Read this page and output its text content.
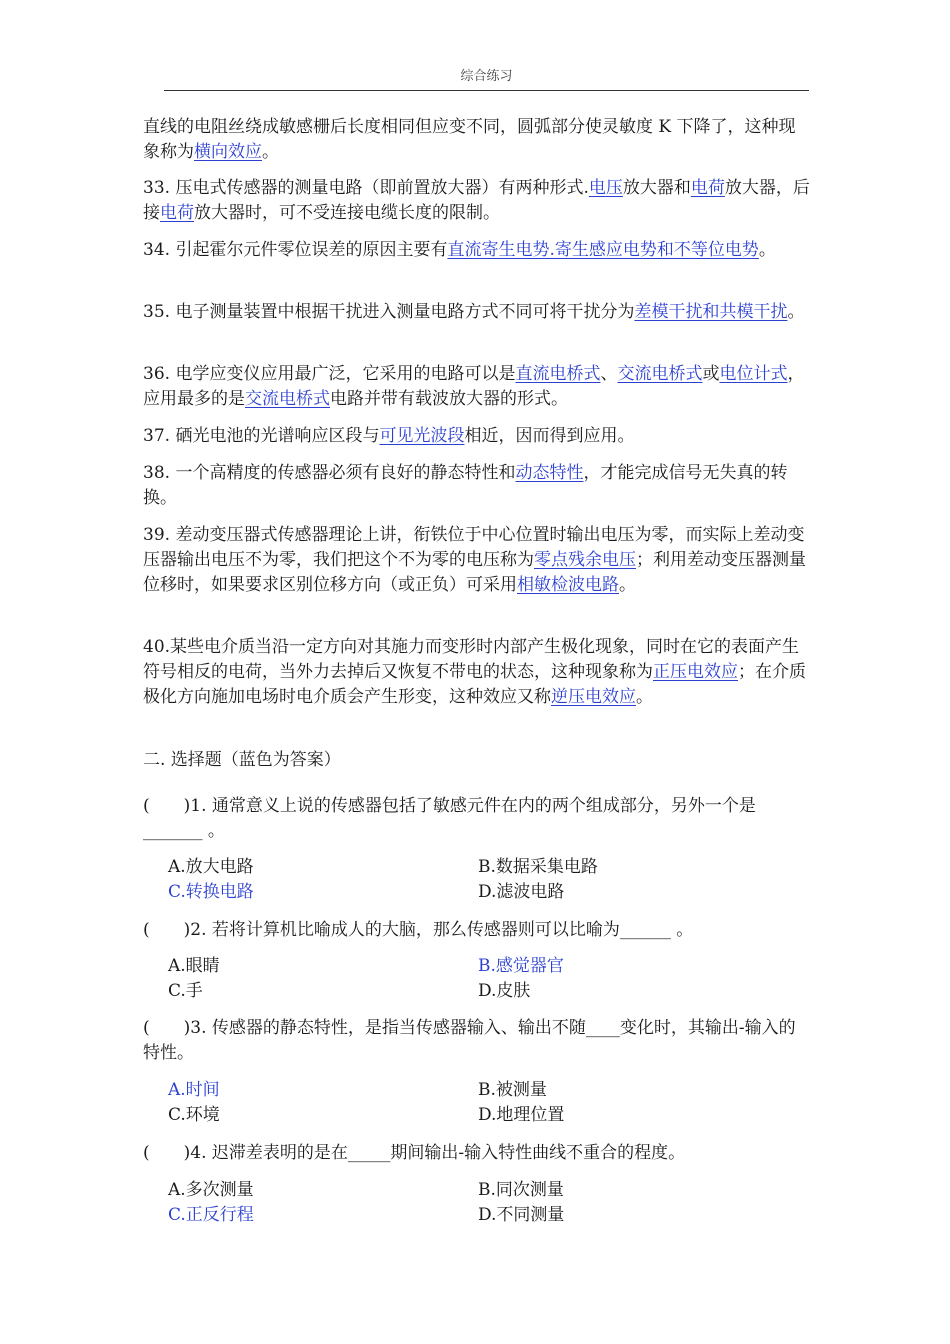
综合练习

直线的电阻丝绕成敏感栅后长度相同但应变不同，圆弧部分使灵敏度 K 下降了，这种现象称为横向效应。

33. 压电式传感器的测量电路（即前置放大器）有两种形式.电压放大器和电荷放大器，后接电荷放大器时，可不受连接电缆长度的限制。

34. 引起霍尔元件零位误差的原因主要有直流寄生电势.寄生感应电势和不等位电势。

35. 电子测量装置中根据干扰进入测量电路方式不同可将干扰分为差模干扰和共模干扰。

36. 电学应变仪应用最广泛，它采用的电路可以是直流电桥式、交流电桥式或电位计式，应用最多的是交流电桥式电路并带有载波放大器的形式。

37. 硒光电池的光谱响应区段与可见光波段相近，因而得到应用。

38. 一个高精度的传感器必须有良好的静态特性和动态特性，才能完成信号无失真的转换。

39. 差动变压器式传感器理论上讲，衔铁位于中心位置时输出电压为零，而实际上差动变压器输出电压不为零，我们把这个不为零的电压称为零点残余电压；利用差动变压器测量位移时，如果要求区别位移方向（或正负）可采用相敏检波电路。

40.某些电介质当沿一定方向对其施力而变形时内部产生极化现象，同时在它的表面产生符号相反的电荷，当外力去掉后又恢复不带电的状态，这种现象称为正压电效应；在介质极化方向施加电场时电介质会产生形变，这种效应又称逆压电效应。

二. 选择题（蓝色为答案）

(　　)1. 通常意义上说的传感器包括了敏感元件在内的两个组成部分，另外一个是_______ 。

A.放大电路	B.数据采集电路
C.转换电路	D.滤波电路

(　　)2. 若将计算机比喻成人的大脑，那么传感器则可以比喻为______ 。

A.眼睛	B.感觉器官
C.手	D.皮肤

(　　)3. 传感器的静态特性，是指当传感器输入、输出不随____变化时，其输出-输入的特性。

A.时间	B.被测量
C.环境	D.地理位置

(　　)4. 迟滞差表明的是在_____期间输出-输入特性曲线不重合的程度。

A.多次测量	B.同次测量
C.正反行程	D.不同测量
